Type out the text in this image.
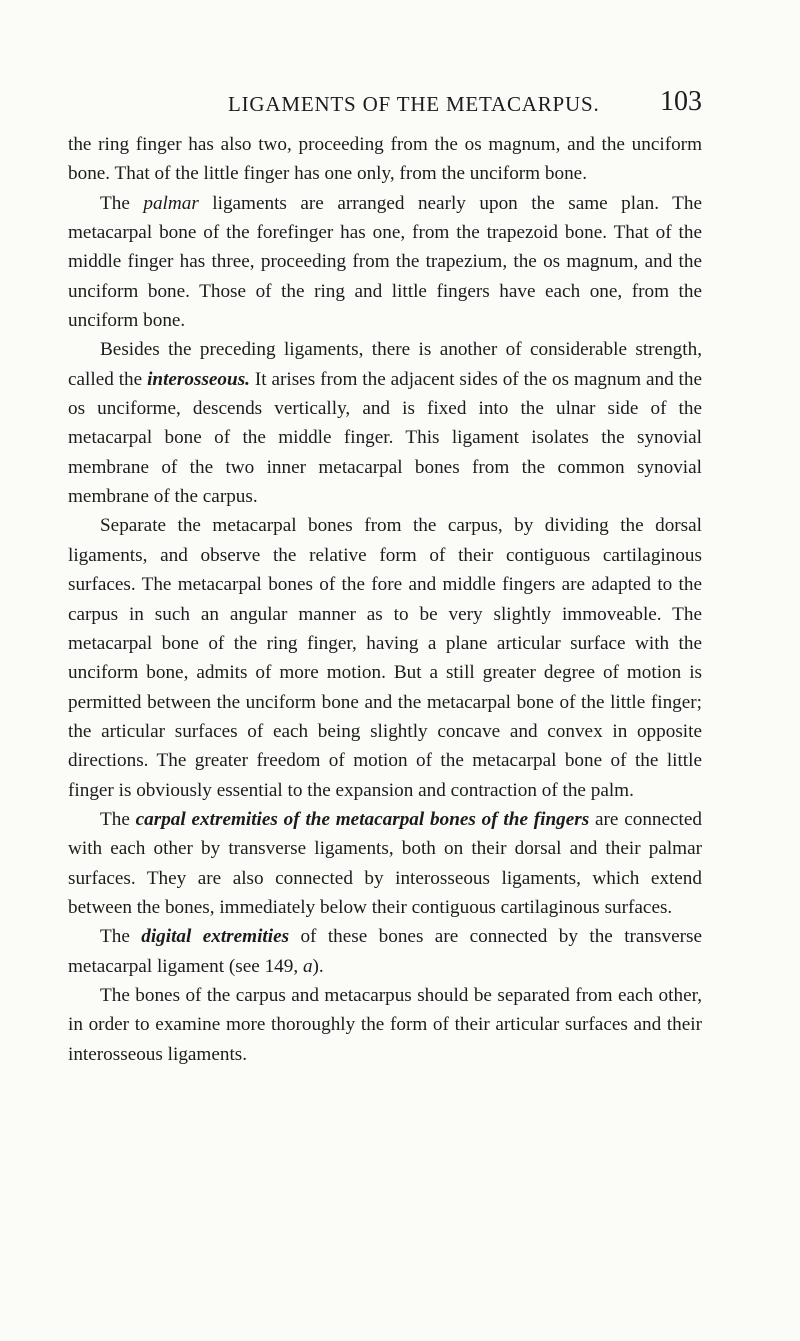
LIGAMENTS OF THE METACARPUS. 103

the ring finger has also two, proceeding from the os magnum, and the unciform bone. That of the little finger has one only, from the unciform bone.

The palmar ligaments are arranged nearly upon the same plan. The metacarpal bone of the forefinger has one, from the trapezoid bone. That of the middle finger has three, proceeding from the trapezium, the os magnum, and the unciform bone. Those of the ring and little fingers have each one, from the unciform bone.

Besides the preceding ligaments, there is another of considerable strength, called the interosseous. It arises from the adjacent sides of the os magnum and the os unciforme, descends vertically, and is fixed into the ulnar side of the metacarpal bone of the middle finger. This ligament isolates the synovial membrane of the two inner metacarpal bones from the common synovial membrane of the carpus.

Separate the metacarpal bones from the carpus, by dividing the dorsal ligaments, and observe the relative form of their contiguous cartilaginous surfaces. The metacarpal bones of the fore and middle fingers are adapted to the carpus in such an angular manner as to be very slightly immoveable. The metacarpal bone of the ring finger, having a plane articular surface with the unciform bone, admits of more motion. But a still greater degree of motion is permitted between the unciform bone and the metacarpal bone of the little finger; the articular surfaces of each being slightly concave and convex in opposite directions. The greater freedom of motion of the metacarpal bone of the little finger is obviously essential to the expansion and contraction of the palm.

The carpal extremities of the metacarpal bones of the fingers are connected with each other by transverse ligaments, both on their dorsal and their palmar surfaces. They are also connected by interosseous ligaments, which extend between the bones, immediately below their contiguous cartilaginous surfaces.

The digital extremities of these bones are connected by the transverse metacarpal ligament (see 149, a).

The bones of the carpus and metacarpus should be separated from each other, in order to examine more thoroughly the form of their articular surfaces and their interosseous ligaments.
